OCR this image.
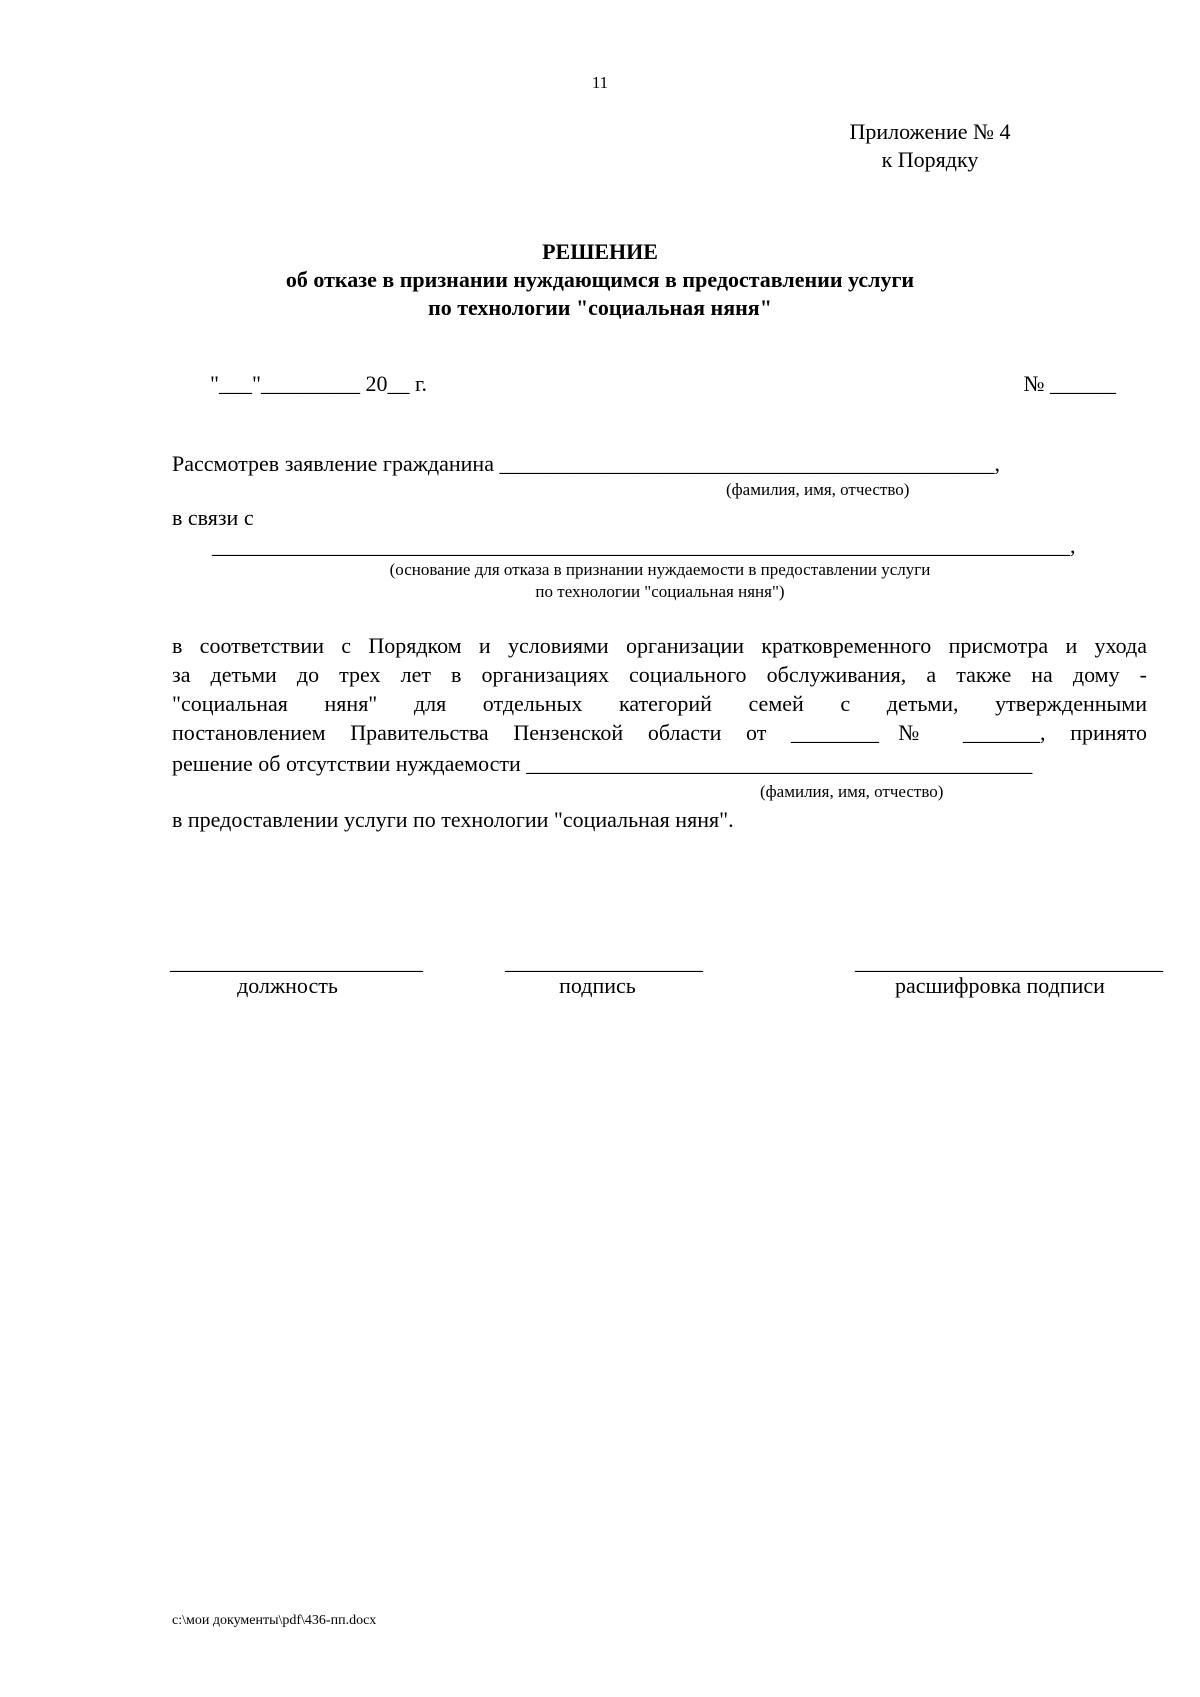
11
Приложение № 4
к Порядку
РЕШЕНИЕ
об отказе в признании нуждающимся в предоставлении услуги
по технологии "социальная няня"
"___"_________ 20__ г.	№ ______
Рассмотрев заявление гражданина _____________________________________________,
(фамилия, имя, отчество)
в связи с
______________________________________________________________________________,
(основание для отказа в признании нуждаемости в предоставлении услуги
по технологии "социальная няня")
в соответствии с Порядком и условиями организации кратковременного присмотра и ухода
за детьми до трех лет в организациях социального обслуживания, а также на дому -
"социальная няня" для отдельных категорий семей с детьми, утвержденными
постановлением Правительства Пензенской области от ________№ _______, принято
решение об отсутствии нуждаемости ______________________________________________
(фамилия, имя, отчество)
в предоставлении услуги по технологии "социальная няня".
_______________________	__________________	____________________________
должность	подпись	расшифровка подписи
c:\мои документы\pdf\436-пп.docx
